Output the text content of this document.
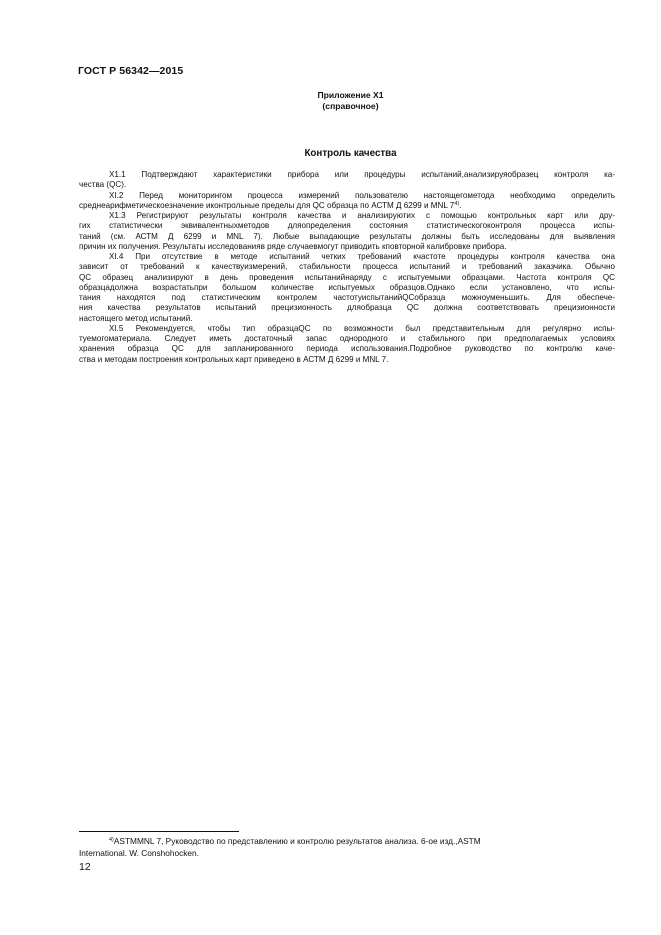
ГОСТ Р 56342—2015
Приложение X1
(справочное)
Контроль качества
X1.1 Подтверждают характеристики прибора или процедуры испытаний,анализируяобразец контроля ка-
чества (QC).
XI.2 Перед мониторингом процесса измерений пользователю настоящегометода необходимо определить
среднеарифметическоезначение иконтрольные пределы для QC образца по АСТМ Д 6299 и MNL 7$^{4)}$.
X1.3 Регистрируют результаты контроля качества и анализирyютих с помощью контрольных карт или дру-
гих статистически эквивалентныхметодов дляопределения состояния статистическогоконтроля процесса испы-
таний (см. АСТМ Д 6299 и MNL 7). Любые выпадающие результаты должны быть исследованы для выявления
причин их получения. Результаты исследованияв ряде случаевмогут приводить кповторной калибровке прибора.
XI.4 При отсутствие в методе испытаний четких требований кчастоте процедуры контроля качества она
зависит от требований к качествуизмерений, стабильности процесса испытаний и требований заказчика. Обычно
QC образец анализируют в день проведения испытанийнаряду с испытуемыми образцами. Частота контроля QC
образцадолжна возрастатьпри большом количестве испытуемых образцов.Однако если установлено, что испы-
тания находятся под статистическим контролем частотуиспытанийQCобразца можноуменьшить. Для обеспече-
ния качества результатов испытаний прецизионность дляобразца QC должна соответствовать прецизионности
настоящего метод испытаний.
XI.5 Рекомендуется, чтобы тип образцаQC по возможности был представительным для регулярно испы-
туемогоматериала. Следует иметь достаточный запас однородного и стабильного при предполагаемых условиях
хранения образца QC для запланированного периода использования.Подробное руководство по контролю каче-
ства и методам построения контрольных карт приведено в АСТМ Д 6299 и MNL 7.
$^{4)}$ASTMMNL 7, Руководство по представлению и контролю результатов анализа. 6-ое изд.,ASTM
International. W. Conshohocken.
12
